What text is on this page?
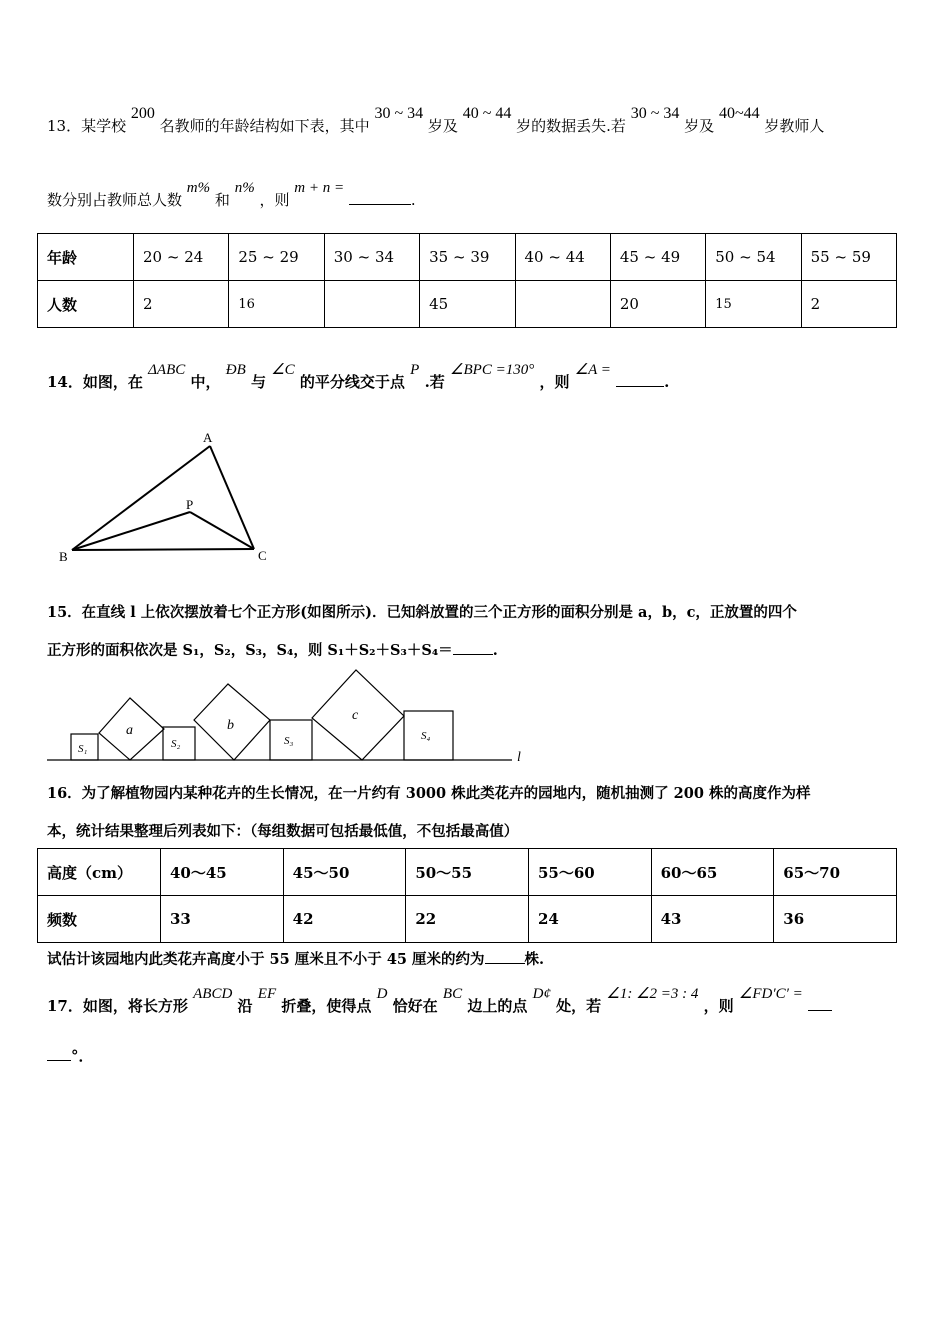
13．某学校 200 名教师的年龄结构如下表，其中 30 ~ 34 岁及 40 ~ 44 岁的数据丢失.若 30 ~ 34 岁及 40~44 岁教师人
数分别占教师总人数 m% 和 n% ，则 m + n = .
年龄	20 ~ 24	25 ~ 29	30 ~ 34	35 ~ 39	40 ~ 44	45 ~ 49	50 ~ 54	55 ~ 59
人数	2	16		45		20	15	2
14．如图，在 ΔABC 中， ÐB 与 ∠C 的平分线交于点 P .若 ∠BPC =130° ，则 ∠A = .
A
B	C
P
S₁
a
S₂
b
S₃
c
S₄
l
15．在直线 l 上依次摆放着七个正方形(如图所示)．已知斜放置的三个正方形的面积分别是 a，b，c，正放置的四个
正方形的面积依次是 S₁，S₂，S₃，S₄，则 S₁＋S₂＋S₃＋S₄＝	.
16．为了解植物园内某种花卉的生长情况，在一片约有 3000 株此类花卉的园地内，随机抽测了 200 株的高度作为样
本，统计结果整理后列表如下：（每组数据可包括最低值，不包括最高值）
高度（cm）	40～45	45～50	50～55	55～60	60～65	65～70
频数	33	42	22	24	43	36
试估计该园地内此类花卉高度小于 55 厘米且不小于 45 厘米的约为	株.
17．如图，将长方形 ABCD 沿 EF 折叠，使得点 D 恰好在 BC 边上的点 D¢ 处，若 ∠1: ∠2 =3 : 4 ，则 ∠FD′C′ =
°．
